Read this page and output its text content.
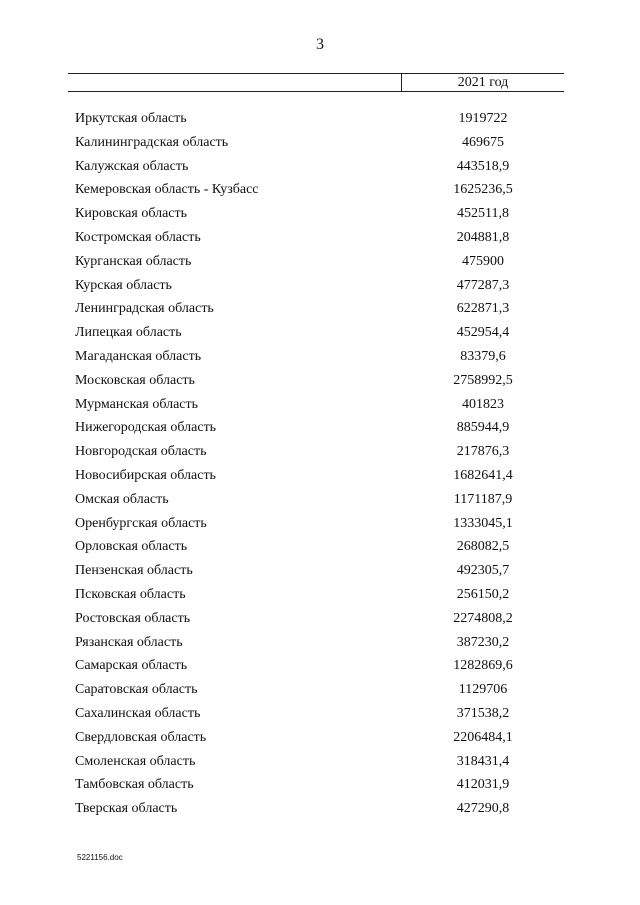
3
2021 год
Иркутская область	1919722
Калининградская область	469675
Калужская область	443518,9
Кемеровская область - Кузбасс	1625236,5
Кировская область	452511,8
Костромская область	204881,8
Курганская область	475900
Курская область	477287,3
Ленинградская область	622871,3
Липецкая область	452954,4
Магаданская область	83379,6
Московская область	2758992,5
Мурманская область	401823
Нижегородская область	885944,9
Новгородская область	217876,3
Новосибирская область	1682641,4
Омская область	1171187,9
Оренбургская область	1333045,1
Орловская область	268082,5
Пензенская область	492305,7
Псковская область	256150,2
Ростовская область	2274808,2
Рязанская область	387230,2
Самарская область	1282869,6
Саратовская область	1129706
Сахалинская область	371538,2
Свердловская область	2206484,1
Смоленская область	318431,4
Тамбовская область	412031,9
Тверская область	427290,8
5221156.doc
